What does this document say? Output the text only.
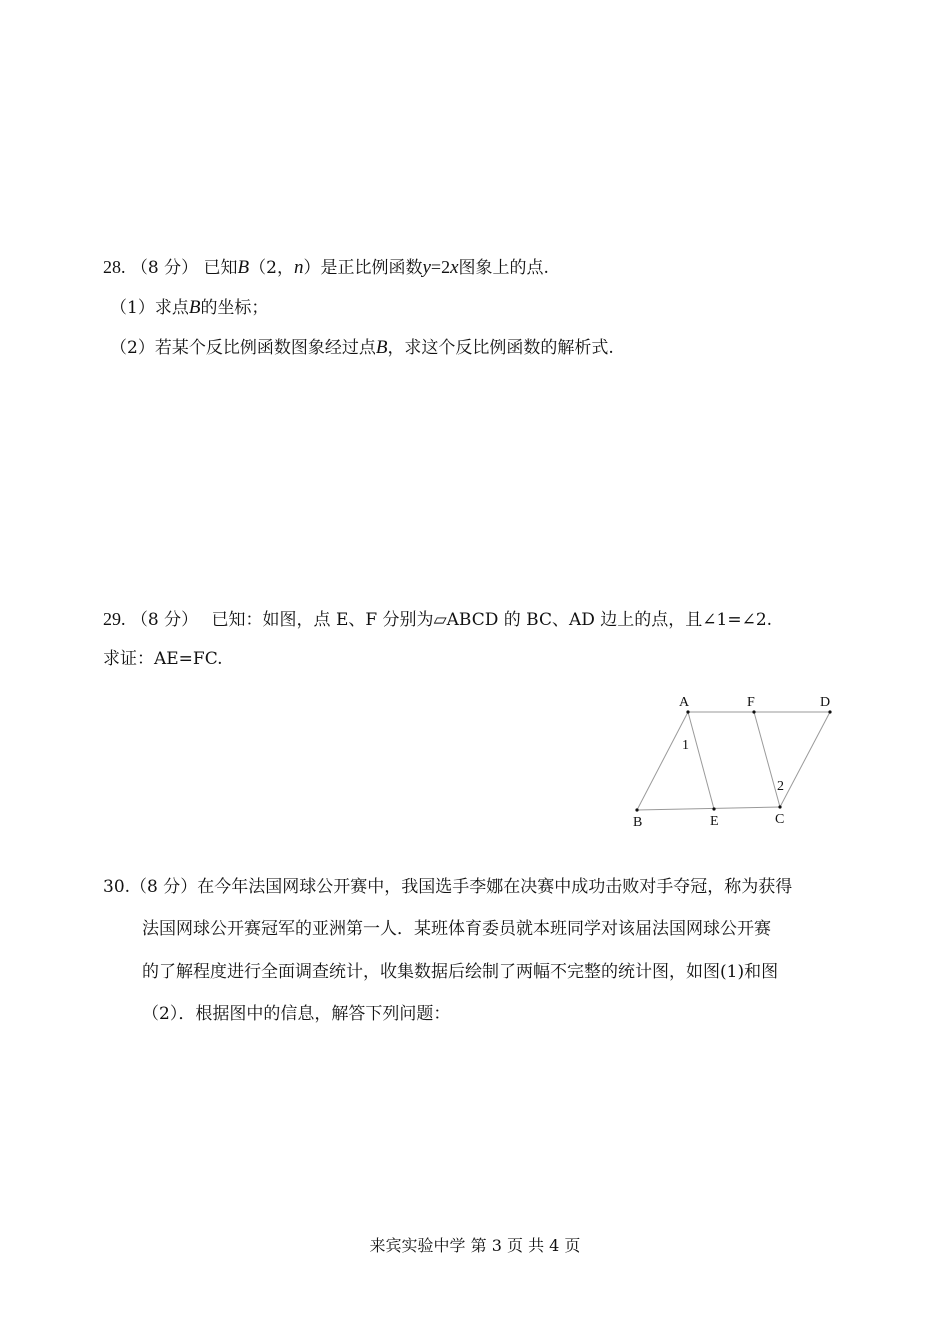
28. （8 分） 已知B（2，n）是正比例函数y=2x图象上的点.
（1）求点B的坐标；
（2）若某个反比例函数图象经过点B，求这个反比例函数的解析式.
29. （8 分） 已知：如图，点 E、F 分别为▱ABCD 的 BC、AD 边上的点，且∠1=∠2.
求证：AE=FC.
A	F	D
B	E	C
1
2
30.（8 分）在今年法国网球公开赛中，我国选手李娜在决赛中成功击败对手夺冠，称为获得
法国网球公开赛冠军的亚洲第一人．某班体育委员就本班同学对该届法国网球公开赛
的了解程度进行全面调查统计，收集数据后绘制了两幅不完整的统计图，如图(1)和图
（2）．根据图中的信息，解答下列问题：
来宾实验中学 第 3 页 共 4 页
